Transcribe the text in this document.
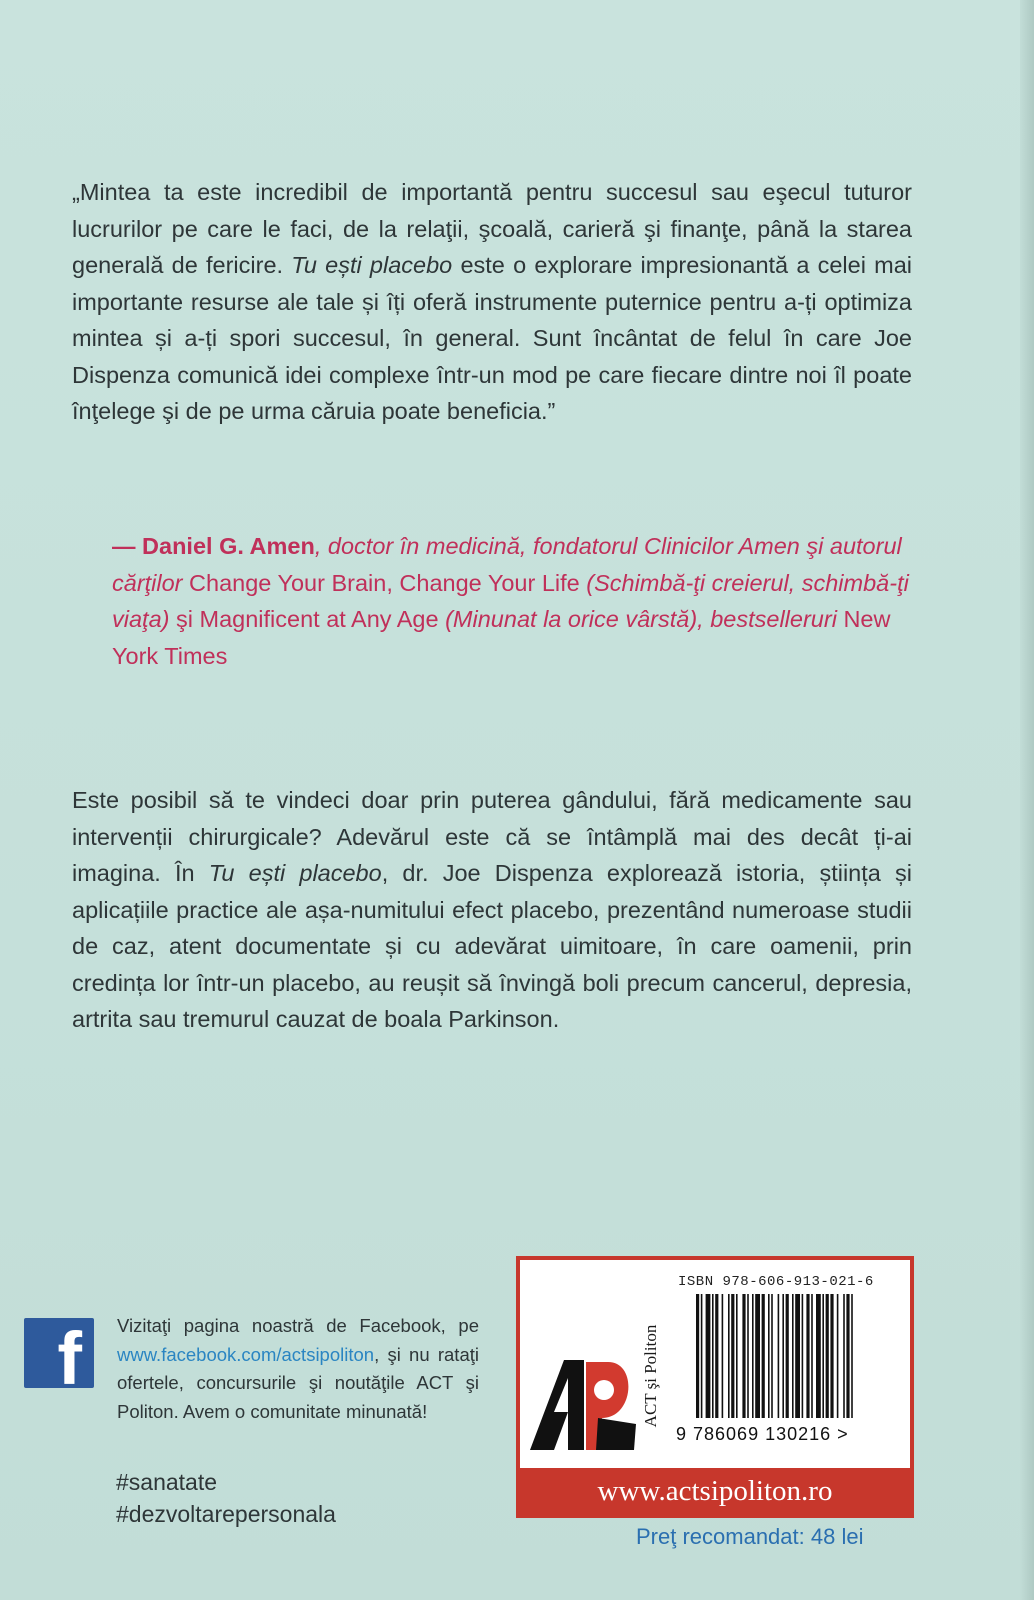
„Mintea ta este incredibil de importantă pentru succesul sau eşecul tuturor lucrurilor pe care le faci, de la relaţii, şcoală, carieră şi finanţe, până la starea generală de fericire. Tu ești placebo este o explorare impresionantă a celei mai importante resurse ale tale și îți oferă instrumente puternice pentru a-ți optimiza mintea și a-ți spori succesul, în general. Sunt încântat de felul în care Joe Dispenza comunică idei complexe într-un mod pe care fiecare dintre noi îl poate înţelege şi de pe urma căruia poate beneficia.”

— Daniel G. Amen, doctor în medicină, fondatorul Clinicilor Amen şi autorul cărţilor Change Your Brain, Change Your Life (Schimbă-ţi creierul, schimbă-ţi viaţa) şi Magnificent at Any Age (Minunat la orice vârstă), bestselleruri New York Times

Este posibil să te vindeci doar prin puterea gândului, fără medicamente sau intervenții chirurgicale? Adevărul este că se întâmplă mai des decât ți-ai imagina. În Tu ești placebo, dr. Joe Dispenza explorează istoria, știința și aplicațiile practice ale așa-numitului efect placebo, prezentând numeroase studii de caz, atent documentate și cu adevărat uimitoare, în care oamenii, prin credința lor într-un placebo, au reușit să învingă boli precum cancerul, depresia, artrita sau tremurul cauzat de boala Parkinson.

f Vizitaţi pagina noastră de Facebook, pe www.facebook.com/actsipoliton, şi nu rataţi ofertele, concursurile şi noutăţile ACT şi Politon. Avem o comunitate minunată!

#sanatate
#dezvoltarepersonala
ACT şi Politon
ISBN 978-606-913-021-6
9 786069 130216 >
www.actsipoliton.ro
Preţ recomandat: 48 lei
